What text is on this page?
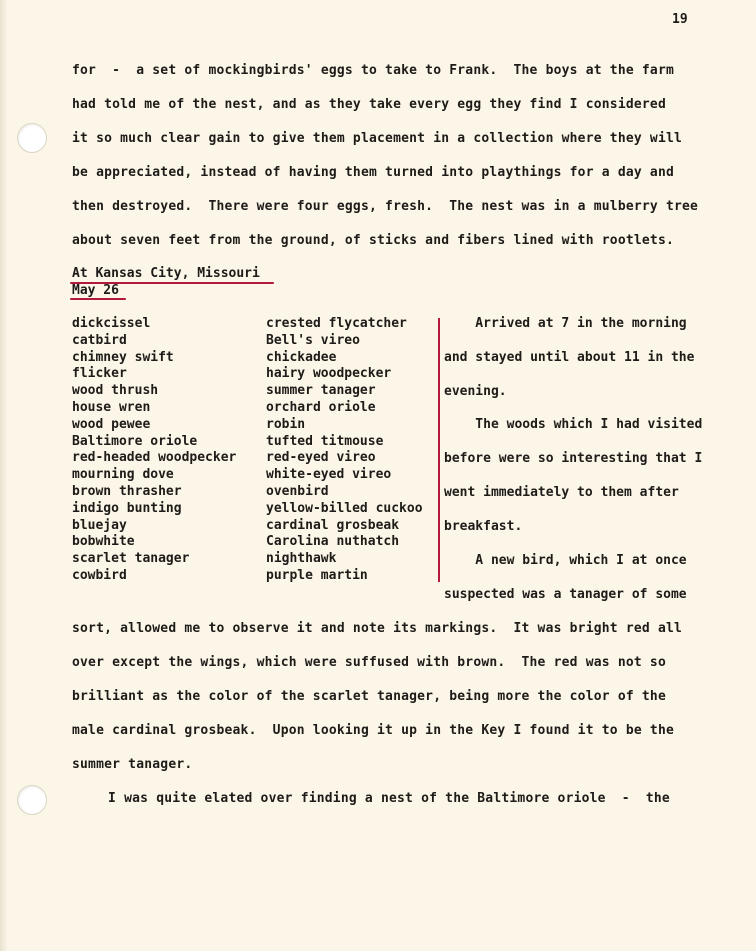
19
for  -  a set of mockingbirds' eggs to take to Frank.  The boys at the farm
had told me of the nest, and as they take every egg they find I considered
it so much clear gain to give them placement in a collection where they will
be appreciated, instead of having them turned into playthings for a day and
then destroyed.  There were four eggs, fresh.  The nest was in a mulberry tree
about seven feet from the ground, of sticks and fibers lined with rootlets.
At Kansas City, Missouri
May 26
dickcissel
catbird
chimney swift
flicker
wood thrush
house wren
wood pewee
Baltimore oriole
red-headed woodpecker
mourning dove
brown thrasher
indigo bunting
bluejay
bobwhite
scarlet tanager
cowbird
crested flycatcher
Bell's vireo
chickadee
hairy woodpecker
summer tanager
orchard oriole
robin
tufted titmouse
red-eyed vireo
white-eyed vireo
ovenbird
yellow-billed cuckoo
cardinal grosbeak
Carolina nuthatch
nighthawk
purple martin
Arrived at 7 in the morning
and stayed until about 11 in the
evening.
The woods which I had visited
before were so interesting that I
went immediately to them after
breakfast.
A new bird, which I at once
suspected was a tanager of some
sort, allowed me to observe it and note its markings.  It was bright red all
over except the wings, which were suffused with brown.  The red was not so
brilliant as the color of the scarlet tanager, being more the color of the
male cardinal grosbeak.  Upon looking it up in the Key I found it to be the
summer tanager.
I was quite elated over finding a nest of the Baltimore oriole  -  the
